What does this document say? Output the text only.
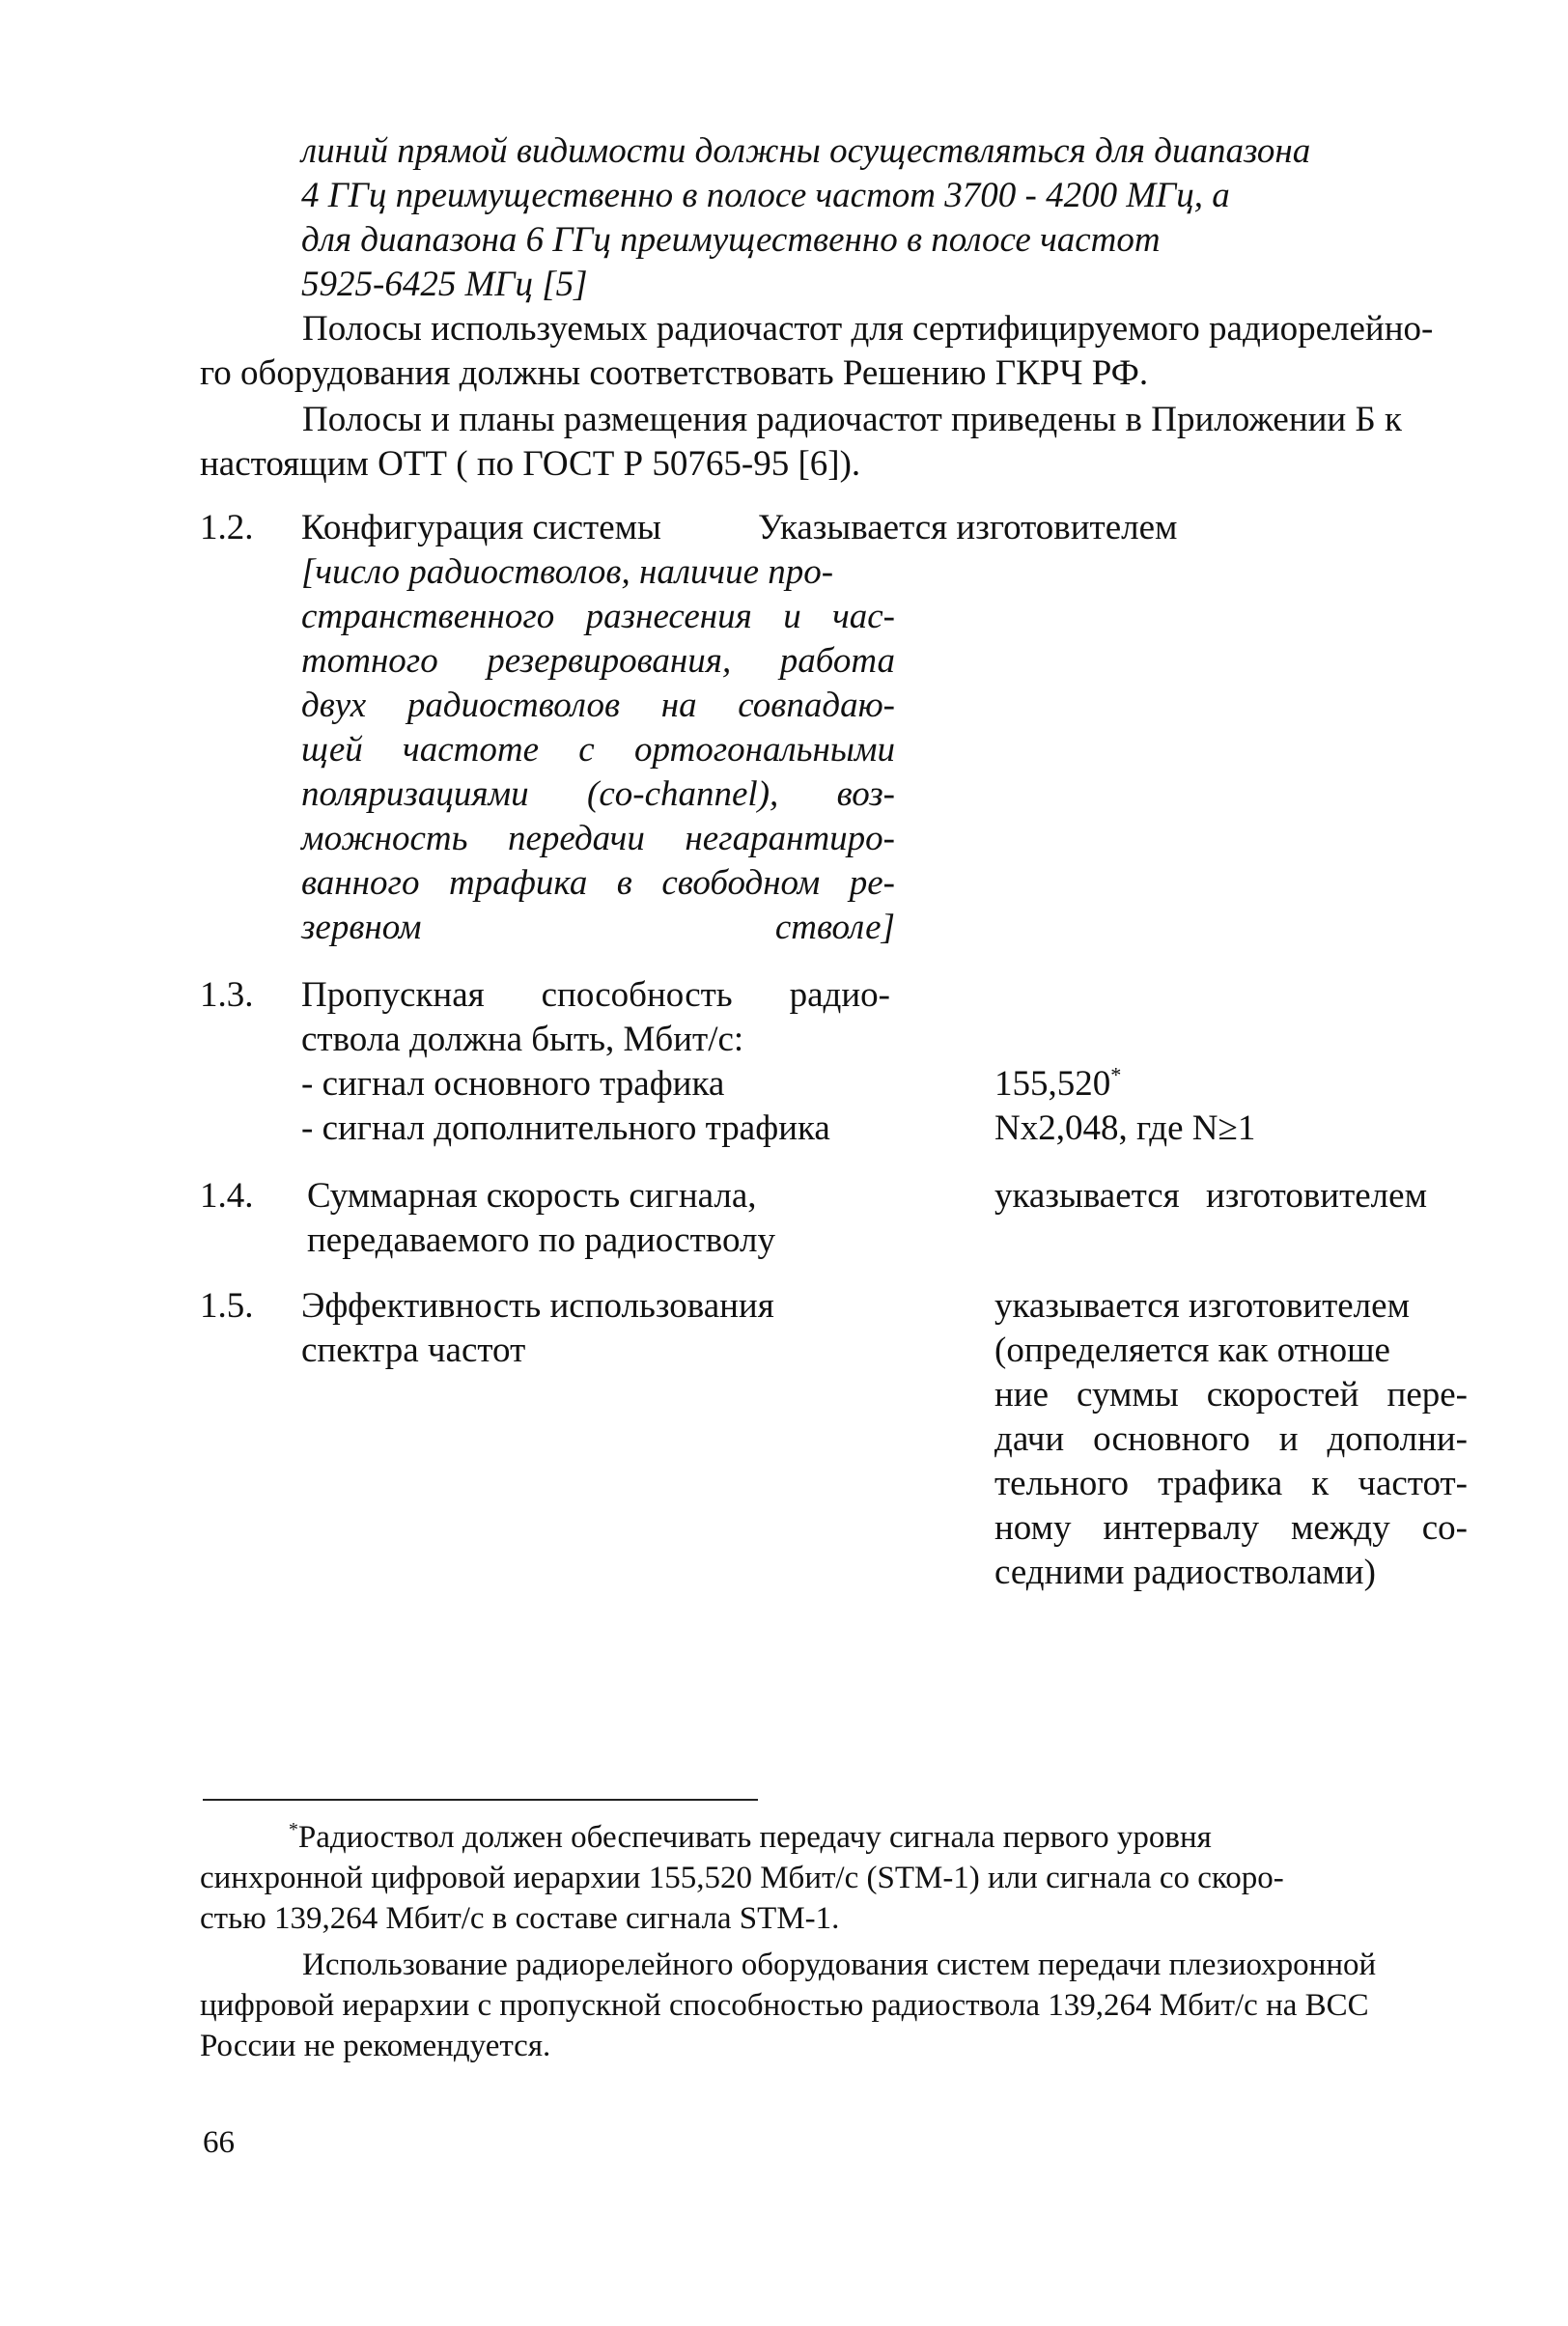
линий прямой видимости должны осуществляться для диапазона
4 ГГц преимущественно в полосе частот 3700 - 4200 МГц, а
для диапазона 6 ГГц преимущественно в полосе частот
5925-6425 МГц [5]
Полосы используемых радиочастот для сертифицируемого радиорелейно-
го оборудования должны соответствовать Решению ГКРЧ РФ.
Полосы и планы размещения радиочастот приведены в Приложении Б к
настоящим ОТТ ( по ГОСТ Р 50765-95 [6]).
1.2. Конфигурация системы	Указывается изготовителем
[число радиостволов, наличие про-
странственного разнесения и час-
тотного резервирования, работа
двух радиостволов на совпадаю-
щей частоте с ортогональными
поляризациями (co-channel), воз-
можность передачи негарантиро-
ванного трафика в свободном ре-
зервном стволе]
1.3. Пропускная способность радио-
ствола должна быть, Мбит/с:
- сигнал основного трафика
- сигнал дополнительного трафика
155,520*
Nх2,048, где N≥1
1.4. Суммарная скорость сигнала,
передаваемого по радиостволу
указывается изготовителем
1.5. Эффективность использования
спектра частот
указывается изготовителем
(определяется как отноше
ние суммы скоростей пере-
дачи основного и дополни-
тельного трафика к частот-
ному интервалу между со-
седними радиостволами)
*Радиоствол должен обеспечивать передачу сигнала первого уровня
синхронной цифровой иерархии 155,520 Мбит/с (STM-1) или сигнала со скоро-
стью 139,264 Мбит/с в составе сигнала STM-1.
Использование радиорелейного оборудования систем передачи плезиохронной
цифровой иерархии с пропускной способностью радиоствола 139,264 Мбит/с на ВСС
России не рекомендуется.
66
